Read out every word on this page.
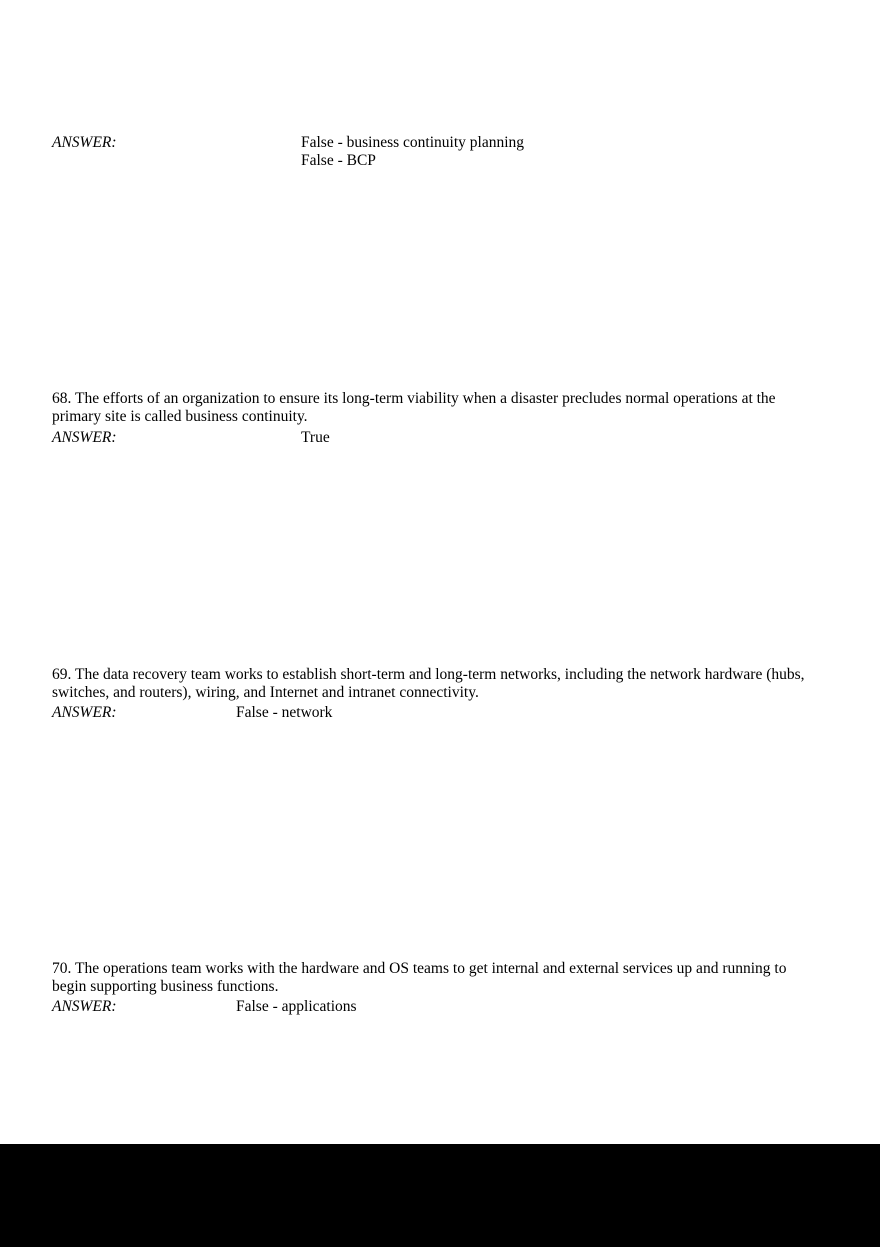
ANSWER:	False - business continuity planning
False - BCP
68. The efforts of an organization to ensure its long-term viability when a disaster precludes normal operations at the primary site is called business continuity.
ANSWER:	True
69. The data recovery team works to establish short-term and long-term networks, including the network hardware (hubs, switches, and routers), wiring, and Internet and intranet connectivity.
ANSWER:	False - network
70. The operations team works with the hardware and OS teams to get internal and external services up and running to begin supporting business functions.
ANSWER:	False - applications
